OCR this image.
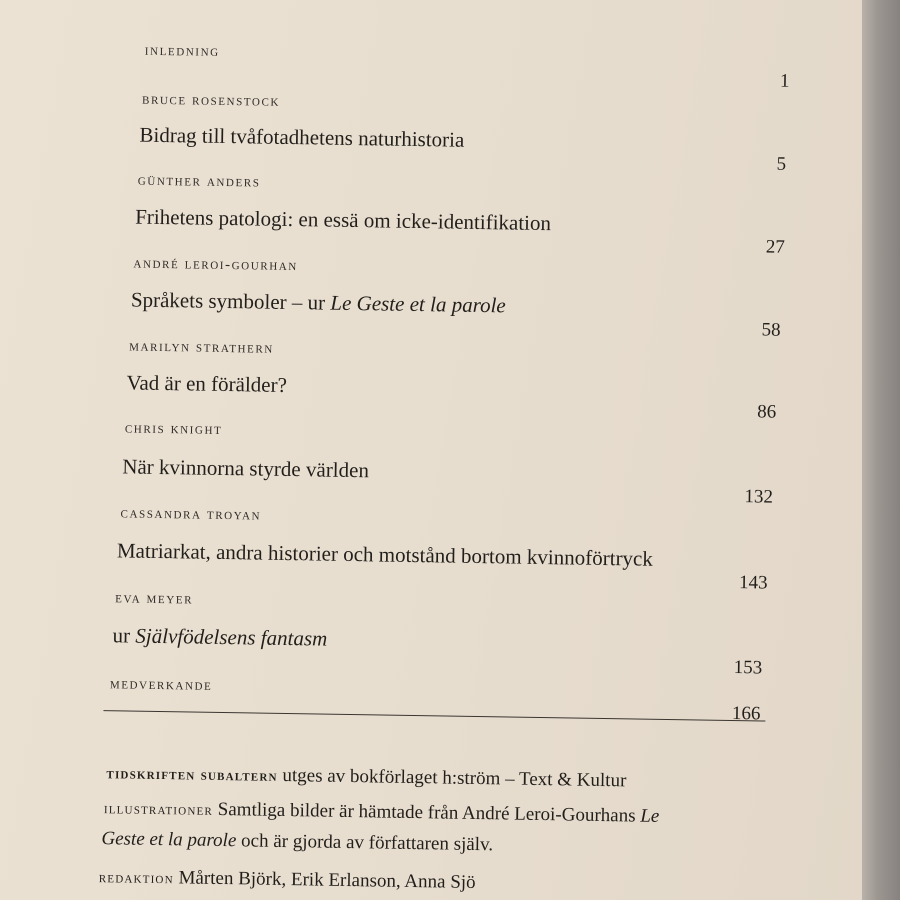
inledning
1
bruce rosenstock
Bidrag till tvåfotadhetens naturhistoria
5
günther anders
Frihetens patologi: en essä om icke-identifikation
27
andré leroi-gourhan
Språkets symboler – ur Le Geste et la parole
58
marilyn strathern
Vad är en förälder?
86
chris knight
När kvinnorna styrde världen
132
cassandra troyan
Matriarkat, andra historier och motstånd bortom kvinnoförtryck
143
eva meyer
ur Självfödelsens fantasm
153
medverkande
166
tidskriften subaltern utges av bokförlaget h:ström – Text & Kultur
illustrationer Samtliga bilder är hämtade från André Leroi-Gourhans Le
Geste et la parole och är gjorda av författaren själv.
redaktion Mårten Björk, Erik Erlanson, Anna Sjö
